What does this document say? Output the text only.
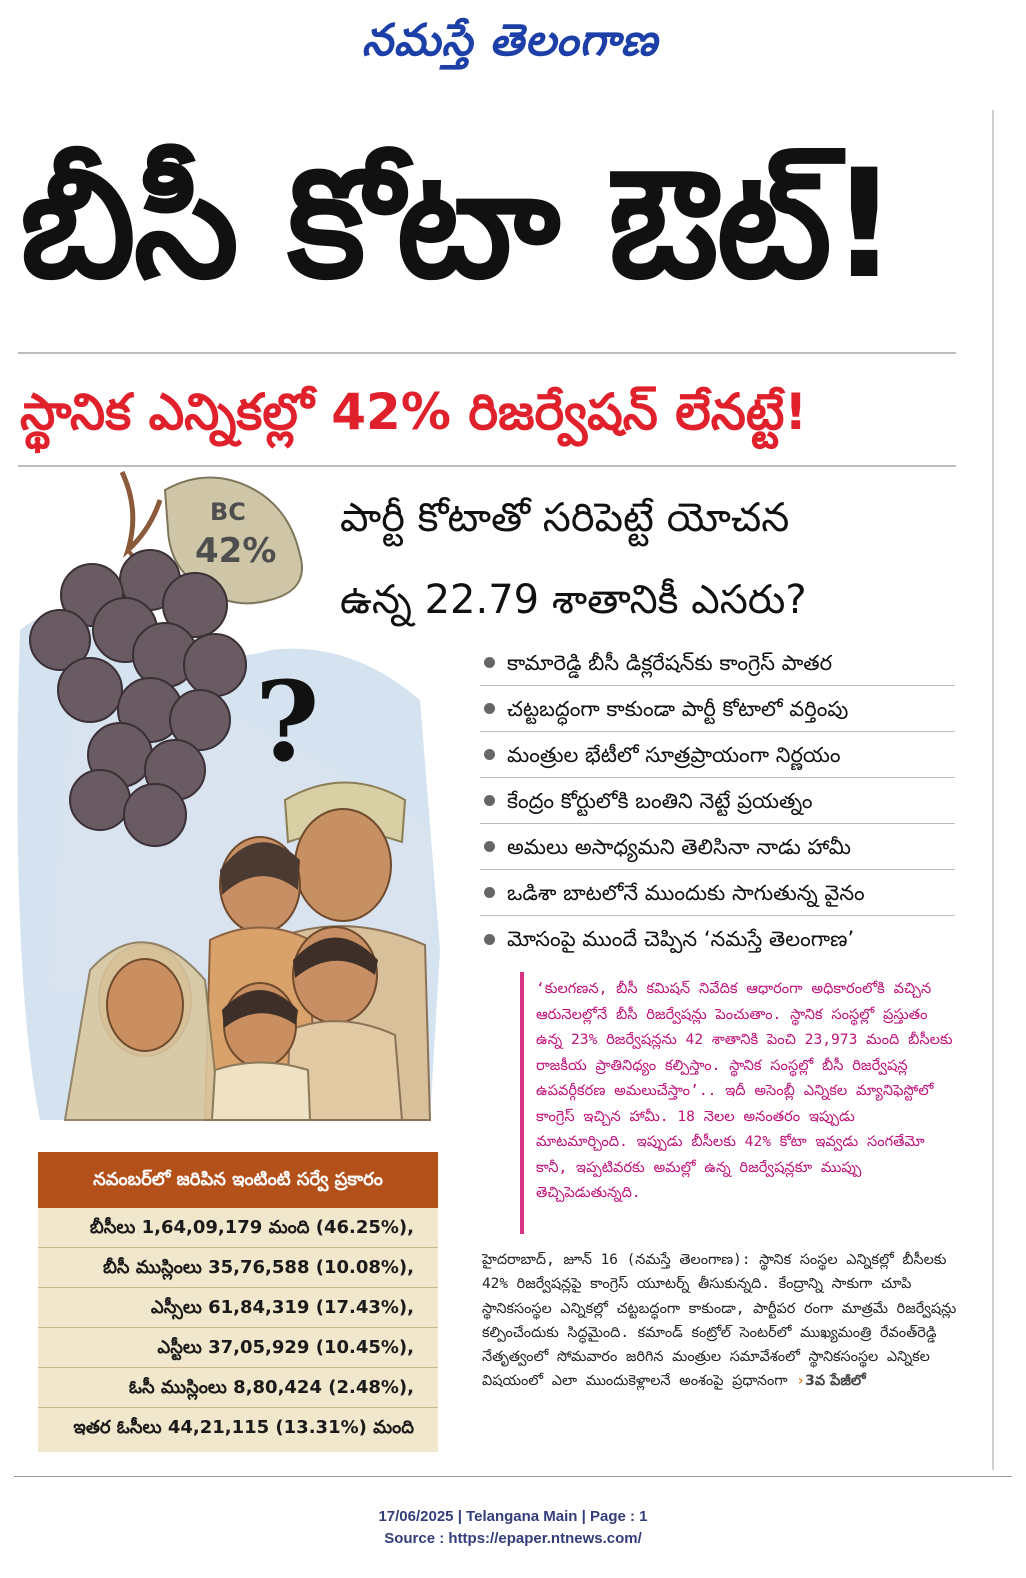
నమస్తే తెలంగాణ
బీసీ కోటా ఔట్!
స్థానిక ఎన్నికల్లో 42% రిజర్వేషన్ లేనట్టే!
BC
42%
?
పార్టీ కోటాతో సరిపెట్టే యోచన
ఉన్న 22.79 శాతానికీ ఎసరు?
కామారెడ్డి బీసీ డిక్లరేషన్‌కు కాంగ్రెస్ పాతర
చట్టబద్ధంగా కాకుండా పార్టీ కోటాలో వర్తింపు
మంత్రుల భేటీలో సూత్రప్రాయంగా నిర్ణయం
కేంద్రం కోర్టులోకి బంతిని నెట్టే ప్రయత్నం
అమలు అసాధ్యమని తెలిసినా నాడు హామీ
ఒడిశా బాటలోనే ముందుకు సాగుతున్న వైనం
మోసంపై ముందే చెప్పిన ‘నమస్తే తెలంగాణ’

‘కులగణన, బీసీ కమిషన్ నివేదిక ఆధారంగా అధికారంలోకి వచ్చిన ఆరునెలల్లోనే బీసీ రిజర్వేషన్లు పెంచుతాం. స్థానిక సంస్థల్లో ప్రస్తుతం ఉన్న 23% రిజర్వేషన్లను 42 శాతానికి పెంచి 23,973 మంది బీసీలకు రాజకీయ ప్రాతినిధ్యం కల్పిస్తాం. స్థానిక సంస్థల్లో బీసీ రిజర్వేషన్ల ఉపవర్గీకరణ అమలుచేస్తాం’.. ఇదీ అసెంబ్లీ ఎన్నికల మ్యానిఫెస్టోలో కాంగ్రెస్ ఇచ్చిన హామీ. 18 నెలల అనంతరం ఇప్పుడు మాటమార్చింది. ఇప్పుడు బీసీలకు 42% కోటా ఇవ్వడు సంగతేమో కానీ, ఇప్పటివరకు అమల్లో ఉన్న రిజర్వేషన్లకూ ముప్పు తెచ్చిపెడుతున్నది.

హైదరాబాద్, జూన్ 16 (నమస్తే తెలంగాణ): స్థానిక సంస్థల ఎన్నికల్లో బీసీలకు 42% రిజర్వేషన్లపై కాంగ్రెస్ యూటర్న్ తీసుకున్నది. కేంద్రాన్ని సాకుగా చూపి స్థానికసంస్థల ఎన్నికల్లో చట్టబద్ధంగా కాకుండా, పార్టీపర రంగా మాత్రమే రిజర్వేషన్లు కల్పించేందుకు సిద్ధమైంది. కమాండ్ కంట్రోల్ సెంటర్‌లో ముఖ్యమంత్రి రేవంత్‌రెడ్డి నేతృత్వంలో సోమవారం జరిగిన మంత్రుల సమావేశంలో స్థానికసంస్థల ఎన్నికల విషయంలో ఎలా ముందుకెళ్లాలనే అంశంపై ప్రధానంగా ›3వ పేజీలో

నవంబర్‌లో జరిపిన ఇంటింటి సర్వే ప్రకారం
బీసీలు 1,64,09,179 మంది (46.25%),
బీసీ ముస్లింలు 35,76,588 (10.08%),
ఎస్సీలు 61,84,319 (17.43%),
ఎస్టీలు 37,05,929 (10.45%),
ఓసీ ముస్లింలు 8,80,424 (2.48%),
ఇతర ఓసీలు 44,21,115 (13.31%) మంది
17/06/2025 | Telangana Main | Page : 1
Source : https://epaper.ntnews.com/
